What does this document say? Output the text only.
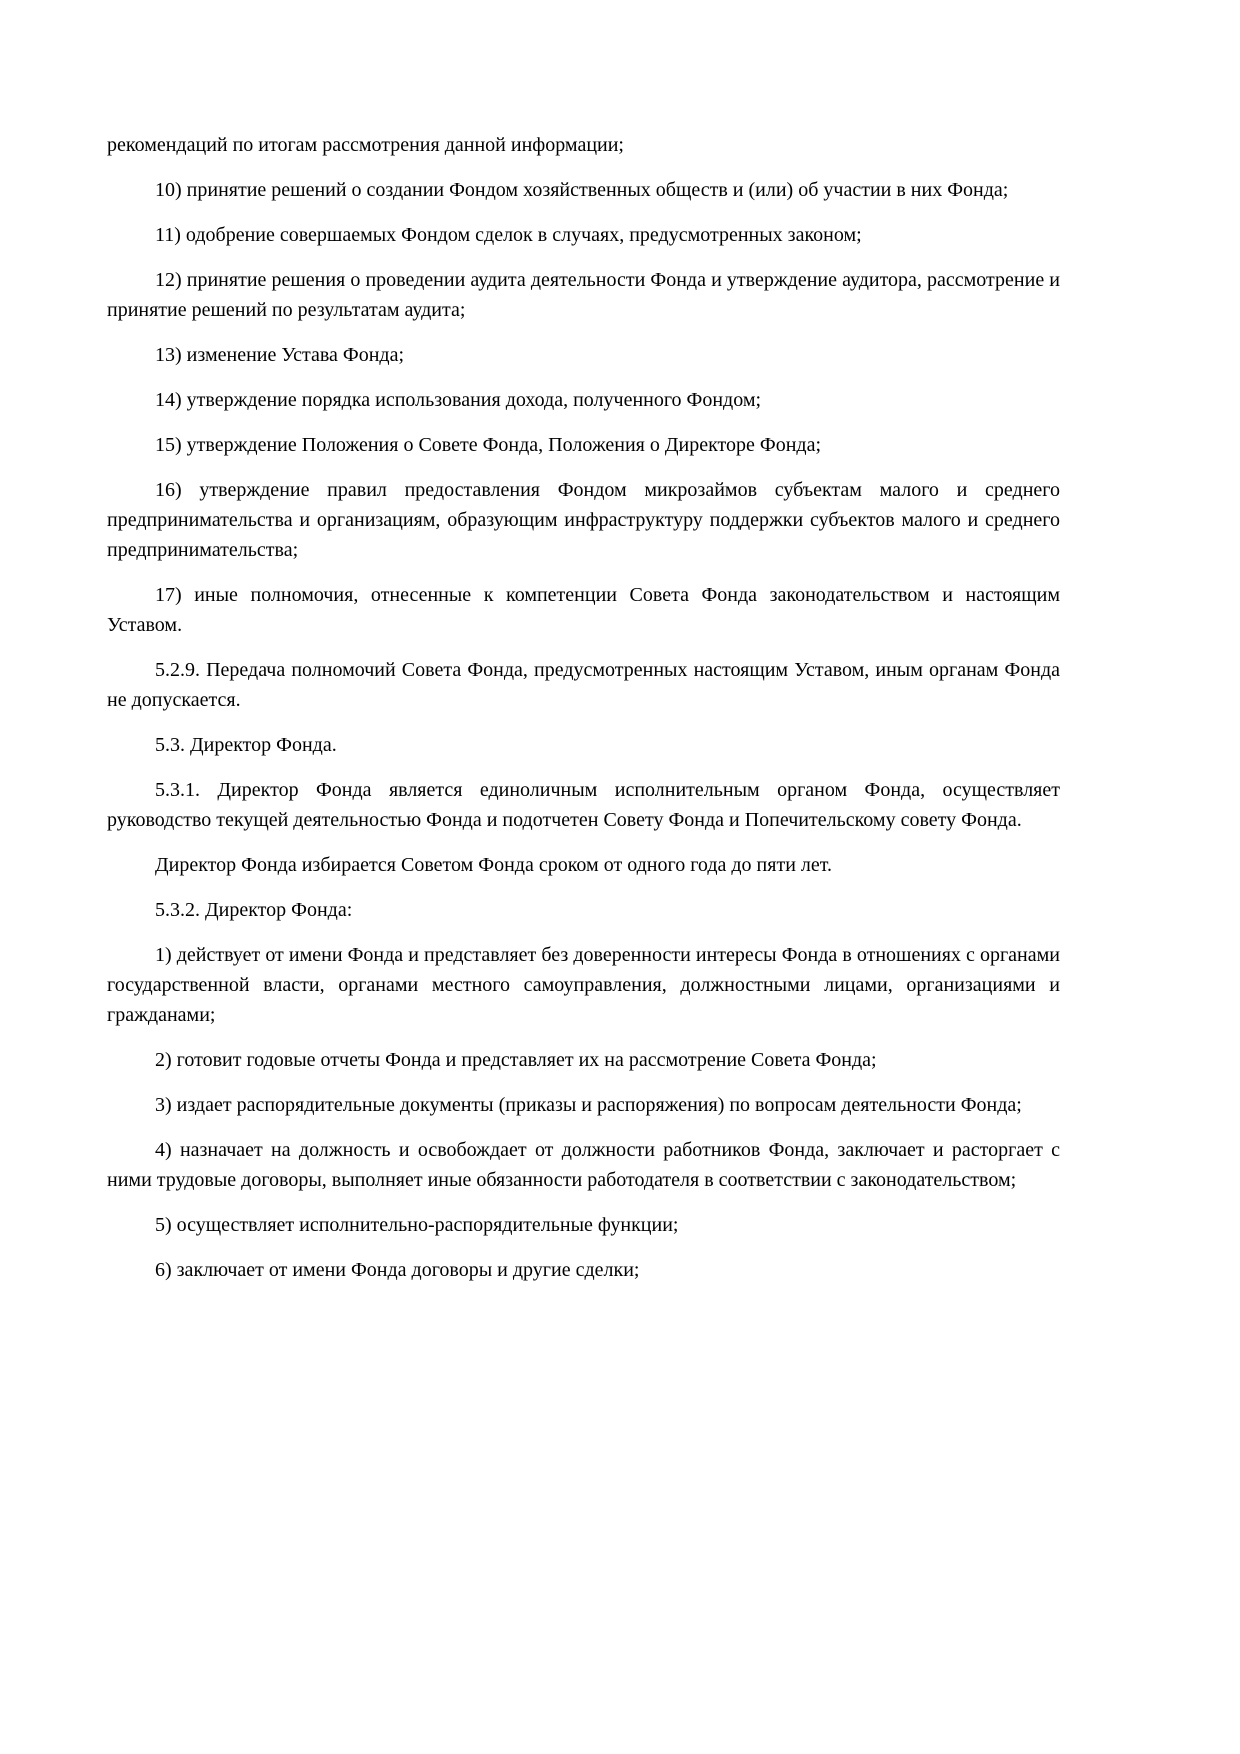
рекомендаций по итогам рассмотрения данной информации;

10) принятие решений о создании Фондом хозяйственных обществ и (или) об участии в них Фонда;

11) одобрение совершаемых Фондом сделок в случаях, предусмотренных законом;

12) принятие решения о проведении аудита деятельности Фонда и утверждение аудитора, рассмотрение и принятие решений по результатам аудита;

13) изменение Устава Фонда;

14) утверждение порядка использования дохода, полученного Фондом;

15) утверждение Положения о Совете Фонда, Положения о Директоре Фонда;

16) утверждение правил предоставления Фондом микрозаймов субъектам малого и среднего предпринимательства и организациям, образующим инфраструктуру поддержки субъектов малого и среднего предпринимательства;

17) иные полномочия, отнесенные к компетенции Совета Фонда законодательством и настоящим Уставом.

5.2.9. Передача полномочий Совета Фонда, предусмотренных настоящим Уставом, иным органам Фонда не допускается.

5.3. Директор Фонда.

5.3.1. Директор Фонда является единоличным исполнительным органом Фонда, осуществляет руководство текущей деятельностью Фонда и подотчетен Совету Фонда и Попечительскому совету Фонда.

Директор Фонда избирается Советом Фонда сроком от одного года до пяти лет.

5.3.2. Директор Фонда:

1) действует от имени Фонда и представляет без доверенности интересы Фонда в отношениях с органами государственной власти, органами местного самоуправления, должностными лицами, организациями и гражданами;

2) готовит годовые отчеты Фонда и представляет их на рассмотрение Совета Фонда;

3) издает распорядительные документы (приказы и распоряжения) по вопросам деятельности Фонда;

4) назначает на должность и освобождает от должности работников Фонда, заключает и расторгает с ними трудовые договоры, выполняет иные обязанности работодателя в соответствии с законодательством;

5) осуществляет исполнительно-распорядительные функции;

6) заключает от имени Фонда договоры и другие сделки;
